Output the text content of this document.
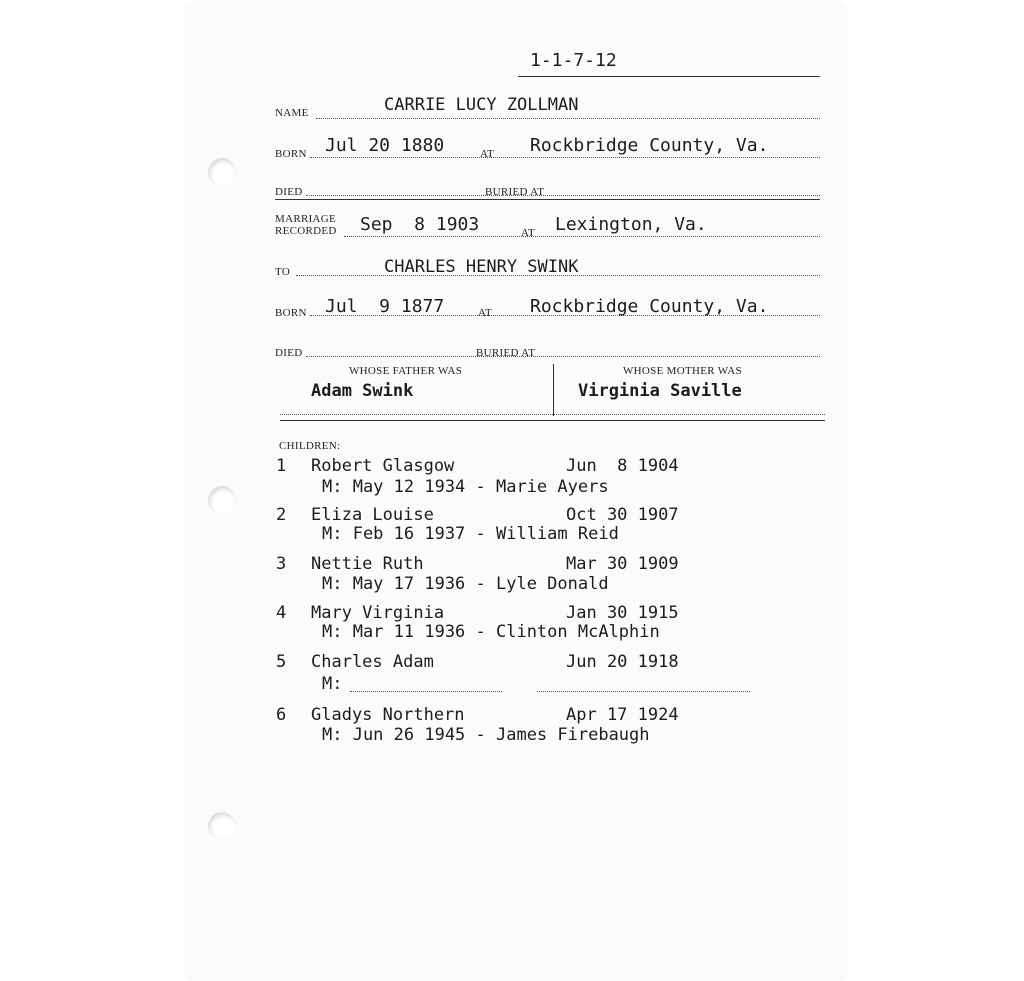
1-1-7-12
NAME	CARRIE LUCY ZOLLMAN
BORN Jul 20 1880	AT Rockbridge County, Va.
DIED	BURIED AT
MARRIAGE
RECORDED Sep  8 1903	AT Lexington, Va.
TO	CHARLES HENRY SWINK
BORN Jul  9 1877	AT Rockbridge County, Va.
DIED	BURIED AT
WHOSE FATHER WAS	WHOSE MOTHER WAS
Adam Swink	Virginia Saville
CHILDREN:
1 Robert Glasgow	Jun  8 1904
M: May 12 1934 - Marie Ayers
2 Eliza Louise	Oct 30 1907
M: Feb 16 1937 - William Reid
3 Nettie Ruth	Mar 30 1909
M: May 17 1936 - Lyle Donald
4 Mary Virginia	Jan 30 1915
M: Mar 11 1936 - Clinton McAlphin
5 Charles Adam	Jun 20 1918
M:
6 Gladys Northern	Apr 17 1924
M: Jun 26 1945 - James Firebaugh
